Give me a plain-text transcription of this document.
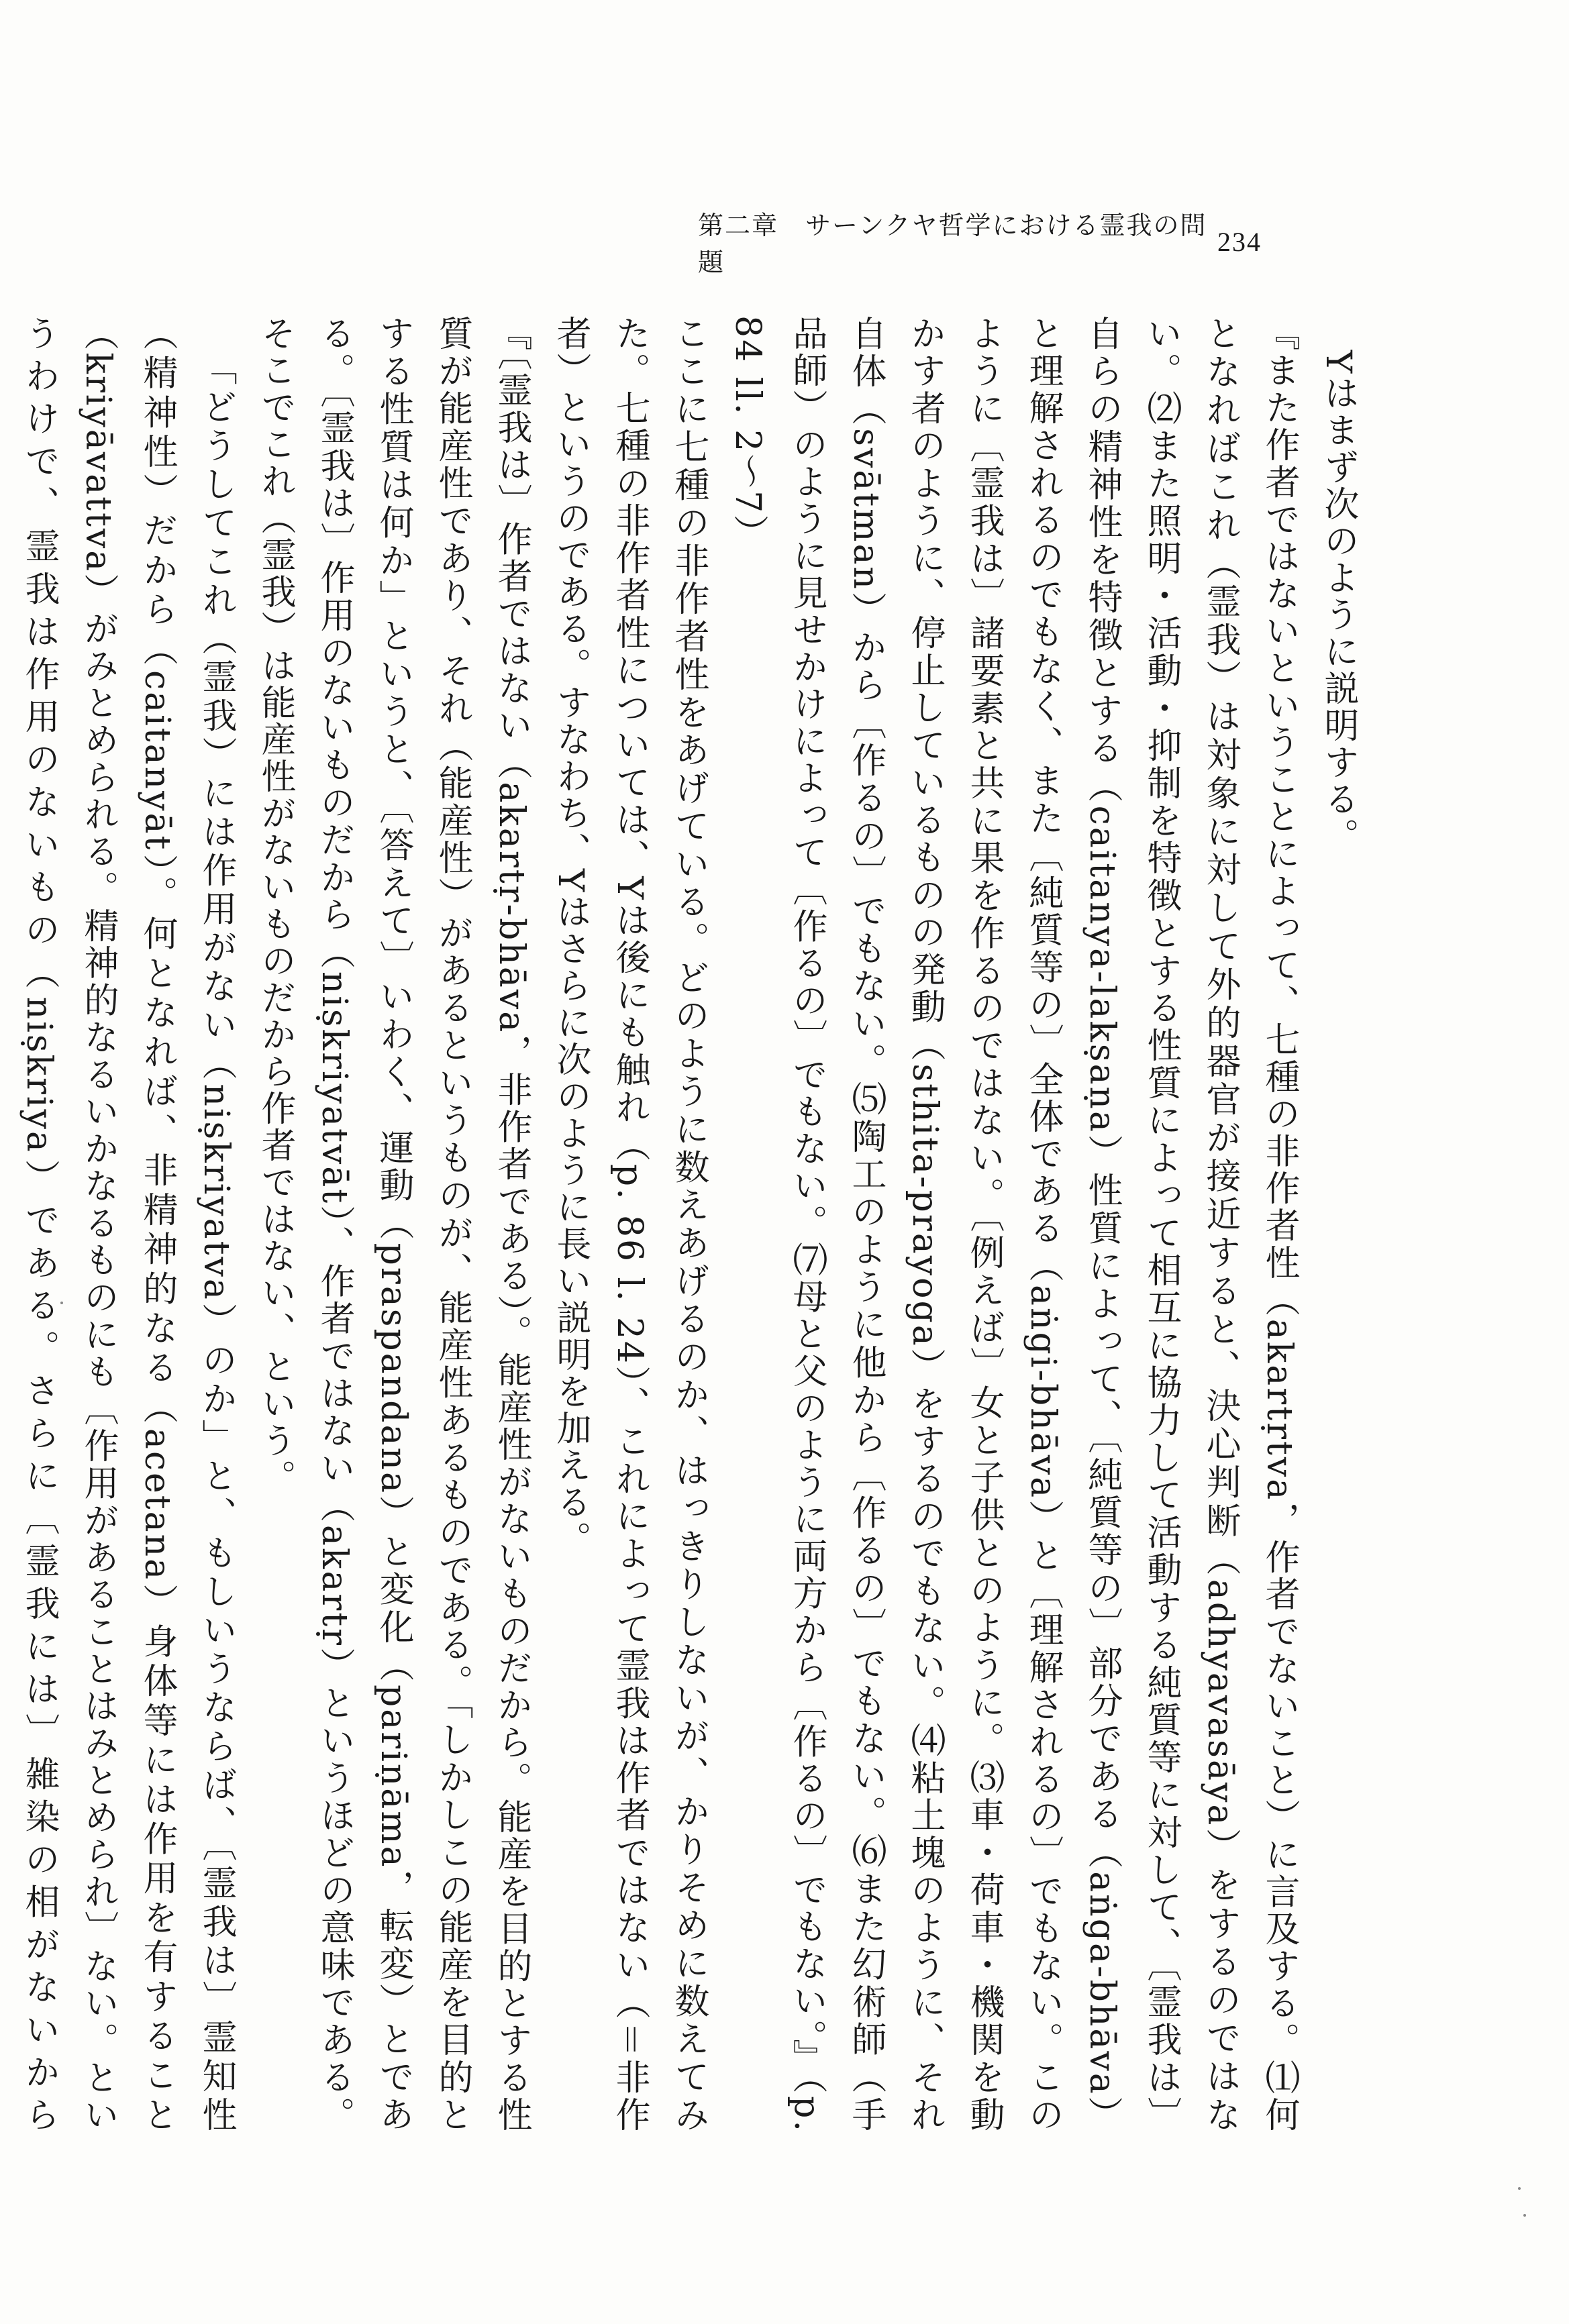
第二章　サーンクヤ哲学における霊我の問題
234

Yはまず次のように説明する。

『また作者ではないということによって、七種の非作者性（akartṛtva，作者でないこと）に言及する。⑴何となればこれ（霊我）は対象に対して外的器官が接近すると、決心判断（adhyavasāya）をするのではない。⑵また照明・活動・抑制を特徴とする性質によって相互に協力して活動する純質等に対して、〔霊我は〕自らの精神性を特徴とする（caitanya-lakṣaṇa）性質によって、〔純質等の〕部分である（aṅga-bhāva）と理解されるのでもなく、また〔純質等の〕全体である（aṅgi-bhāva）と〔理解されるの〕でもない。このように〔霊我は〕諸要素と共に果を作るのではない。〔例えば〕女と子供とのように。⑶車・荷車・機関を動かす者のように、停止しているものの発動（sthita-prayoga）をするのでもない。⑷粘土塊のように、それ自体（svātman）から〔作るの〕でもない。⑸陶工のように他から〔作るの〕でもない。⑹また幻術師（手品師）のように見せかけによって〔作るの〕でもない。⑺母と父のように両方から〔作るの〕でもない。』（p. 84 ll. 2〜7）

ここに七種の非作者性をあげている。どのように数えあげるのか、はっきりしないが、かりそめに数えてみた。七種の非作者性については、Yは後にも触れ（p. 86 l. 24）、これによって霊我は作者ではない（＝非作者）というのである。すなわち、Yはさらに次のように長い説明を加える。

『〔霊我は〕作者ではない（akartṛ-bhāva，非作者である）。能産性がないものだから。能産を目的とする性質が能産性であり、それ（能産性）があるというものが、能産性あるものである。「しかしこの能産を目的とする性質は何か」というと、〔答えて〕いわく、運動（praspandana）と変化（pariṇāma，転変）とである。〔霊我は〕作用のないものだから（niṣkriyatvāt）、作者ではない（akartṛ）というほどの意味である。そこでこれ（霊我）は能産性がないものだから作者ではない、という。

「どうしてこれ（霊我）には作用がない（niṣkriyatva）のか」と、もしいうならば、〔霊我は〕霊知性（精神性）だから（caitanyāt）。何となれば、非精神的なる（acetana）身体等には作用を有すること（kriyāvattva）がみとめられる。精神的なるいかなるものにも〔作用があることはみとめられ〕ない。というわけで、霊我は作用のないもの（niṣkriya）である。さらに〔霊我には〕雑染の相がないから
